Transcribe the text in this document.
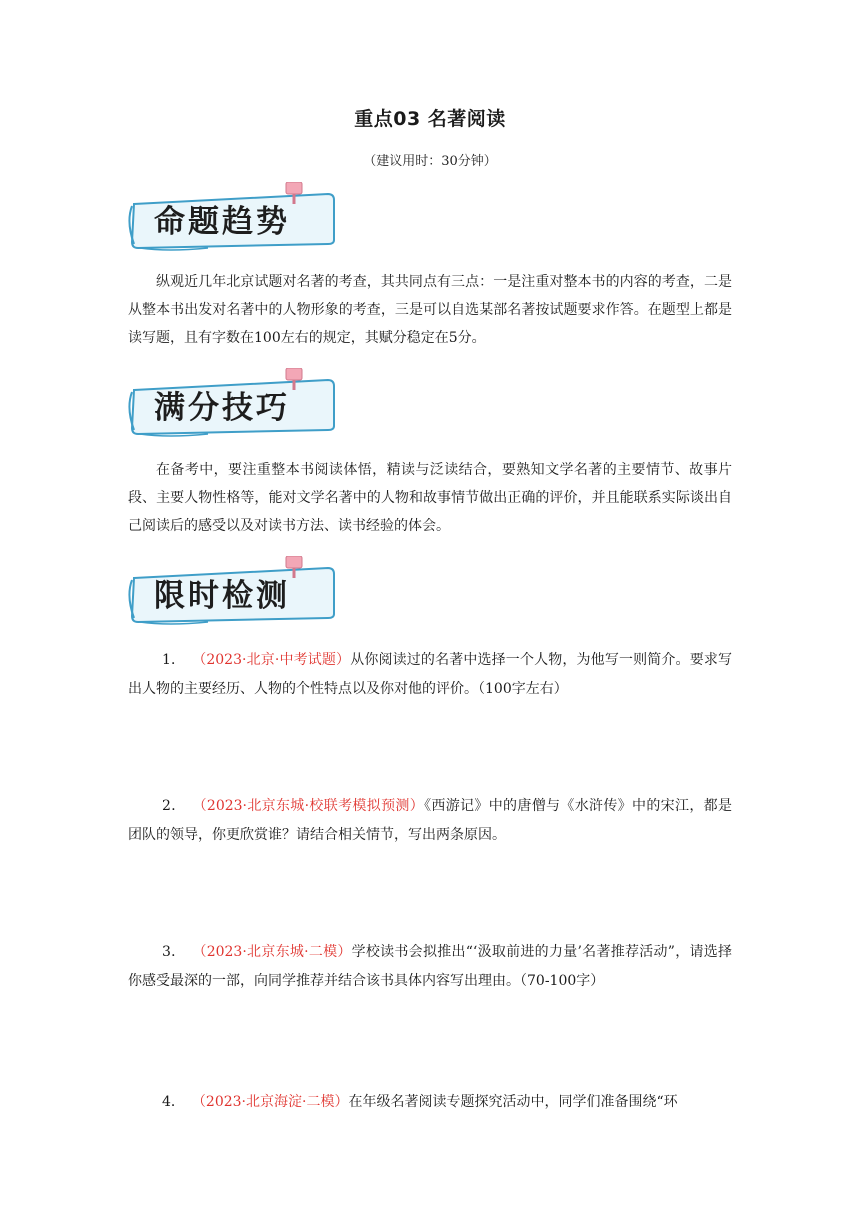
重点03 名著阅读
（建议用时：30分钟）
命题趋势
纵观近几年北京试题对名著的考查，其共同点有三点：一是注重对整本书的内容的考查，二是从整本书出发对名著中的人物形象的考查，三是可以自选某部名著按试题要求作答。在题型上都是读写题，且有字数在100左右的规定，其赋分稳定在5分。
满分技巧
在备考中，要注重整本书阅读体悟，精读与泛读结合，要熟知文学名著的主要情节、故事片段、主要人物性格等，能对文学名著中的人物和故事情节做出正确的评价，并且能联系实际谈出自己阅读后的感受以及对读书方法、读书经验的体会。
限时检测
1． （2023·北京·中考试题）从你阅读过的名著中选择一个人物，为他写一则简介。要求写出人物的主要经历、人物的个性特点以及你对他的评价。（100字左右）
2． （2023·北京东城·校联考模拟预测）《西游记》中的唐僧与《水浒传》中的宋江，都是团队的领导，你更欣赏谁？请结合相关情节，写出两条原因。
3． （2023·北京东城·二模）学校读书会拟推出“‘汲取前进的力量’名著推荐活动”，请选择你感受最深的一部，向同学推荐并结合该书具体内容写出理由。（70-100字）
4． （2023·北京海淀·二模）在年级名著阅读专题探究活动中，同学们准备围绕“环
